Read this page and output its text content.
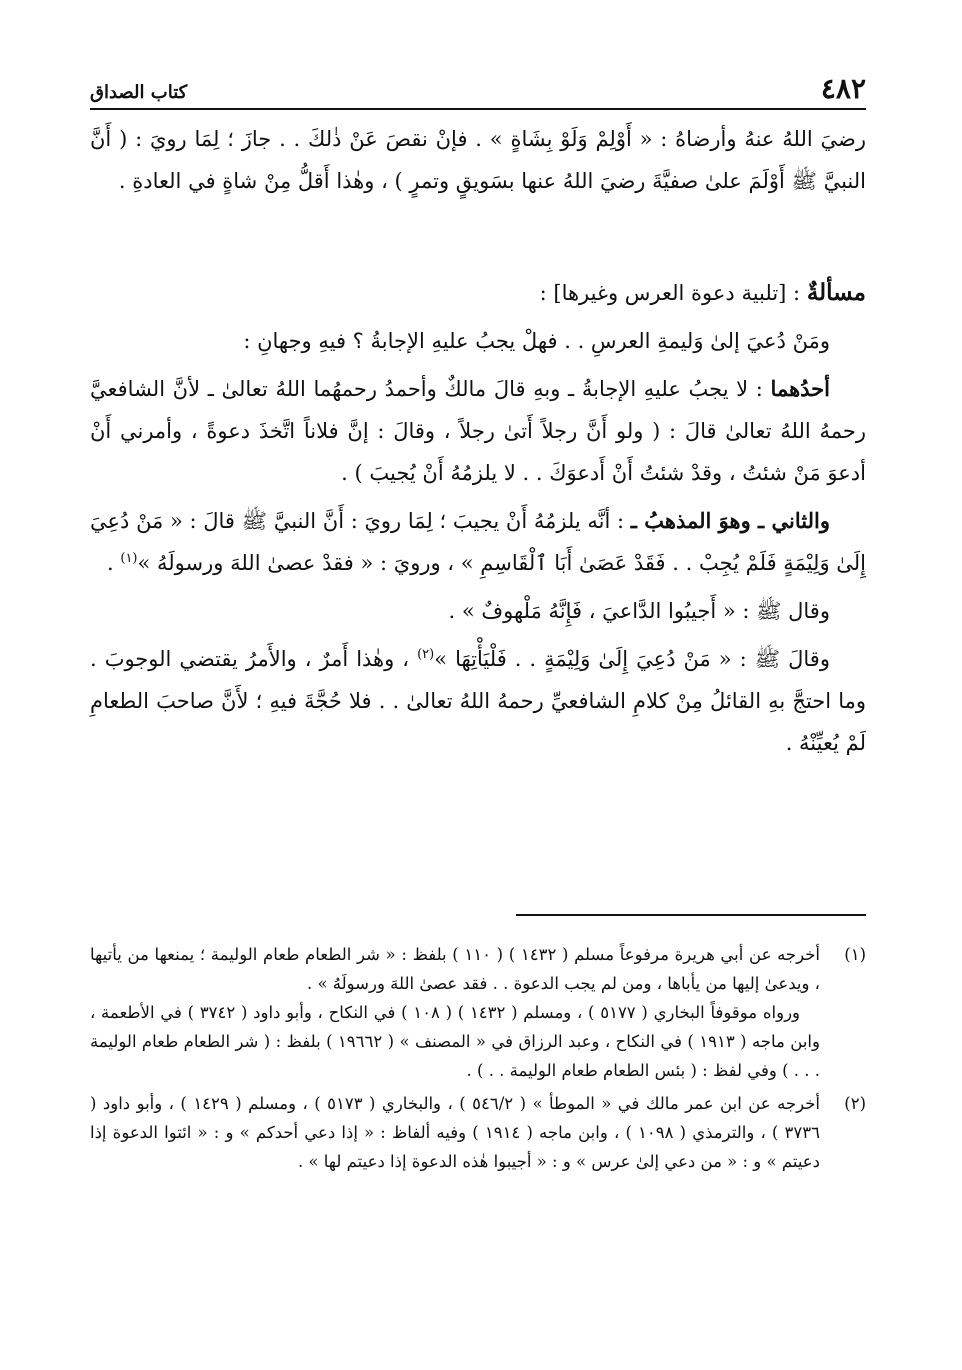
٤٨٢
كتاب الصداق

رضيَ اللهُ عنهُ وأرضاهُ : « أَوْلِمْ وَلَوْ بِشَاةٍ » . فإنْ نقصَ عَنْ ذٰلكَ . . جازَ ؛ لِمَا رويَ : ( أَنَّ النبيَّ ﷺ أَوْلَمَ علىٰ صفيَّةَ رضيَ اللهُ عنها بسَويقٍ وتمرٍ ) ، وهٰذا أَقلُّ مِنْ شاةٍ في العادةِ .

مسألةٌ : [تلبية دعوة العرس وغيرها] :

ومَنْ دُعيَ إلىٰ وَليمةِ العرسِ . . فهلْ يجبُ عليهِ الإجابةُ ؟ فيهِ وجهانِ :

أحدُهما : لا يجبُ عليهِ الإجابةُ ـ وبهِ قالَ مالكٌ وأحمدُ رحمهُما اللهُ تعالىٰ ـ لأنَّ الشافعيَّ رحمهُ اللهُ تعالىٰ قالَ : ( ولو أَنَّ رجلاً أَتىٰ رجلاً ، وقالَ : إنَّ فلاناً اتَّخذَ دعوةً ، وأمرني أَنْ أدعوَ مَنْ شئتُ ، وقدْ شئتُ أَنْ أَدعوَكَ . . لا يلزمُهُ أَنْ يُجيبَ ) .

والثاني ـ وهوَ المذهبُ ـ : أنَّه يلزمُهُ أَنْ يجيبَ ؛ لِمَا رويَ : أَنَّ النبيَّ ﷺ قالَ : « مَنْ دُعِيَ إِلَىٰ وَلِيْمَةٍ فَلَمْ يُجِبْ . . فَقَدْ عَصَىٰ أَبَا ٱلْقَاسِمِ » ، ورويَ : « فقدْ عصىٰ اللهَ ورسولَهُ »$^{(١)}$ .

وقال ﷺ : « أَجيبُوا الدَّاعيَ ، فَإِنَّهُ مَلْهوفٌ » .

وقالَ ﷺ : « مَنْ دُعِيَ إِلَىٰ وَلِيْمَةٍ . . فَلْيَأْتِهَا »$^{(٢)}$ ، وهٰذا أَمرٌ ، والأَمرُ يقتضي الوجوبَ . وما احتجَّ بهِ القائلُ مِنْ كلامِ الشافعيِّ رحمهُ اللهُ تعالىٰ . . فلا حُجَّةَ فيهِ ؛ لأَنَّ صاحبَ الطعامِ لَمْ يُعيِّنْهُ .

(١)

أخرجه عن أبي هريرة مرفوعاً مسلم ( ١٤٣٢ ) ( ١١٠ ) بلفظ : « شر الطعام طعام الوليمة ؛ يمنعها من يأتيها ، ويدعىٰ إليها من يأباها ، ومن لم يجب الدعوة . . فقد عصىٰ اللهَ ورسولَهُ » .

ورواه موقوفاً البخاري ( ٥١٧٧ ) ، ومسلم ( ١٤٣٢ ) ( ١٠٨ ) في النكاح ، وأبو داود ( ٣٧٤٢ ) في الأطعمة ، وابن ماجه ( ١٩١٣ ) في النكاح ، وعبد الرزاق في « المصنف » ( ١٩٦٦٢ ) بلفظ : ( شر الطعام طعام الوليمة . . . ) وفي لفظ : ( بئس الطعام طعام الوليمة . . ) .

(٢)

أخرجه عن ابن عمر مالك في « الموطأ » ( ٥٤٦/٢ ) ، والبخاري ( ٥١٧٣ ) ، ومسلم ( ١٤٢٩ ) ، وأبو داود ( ٣٧٣٦ ) ، والترمذي ( ١٠٩٨ ) ، وابن ماجه ( ١٩١٤ ) وفيه ألفاظ : « إذا دعي أحدكم » و : « ائتوا الدعوة إذا دعيتم » و : « من دعي إلىٰ عرس » و : « أجيبوا هٰذه الدعوة إذا دعيتم لها » .
